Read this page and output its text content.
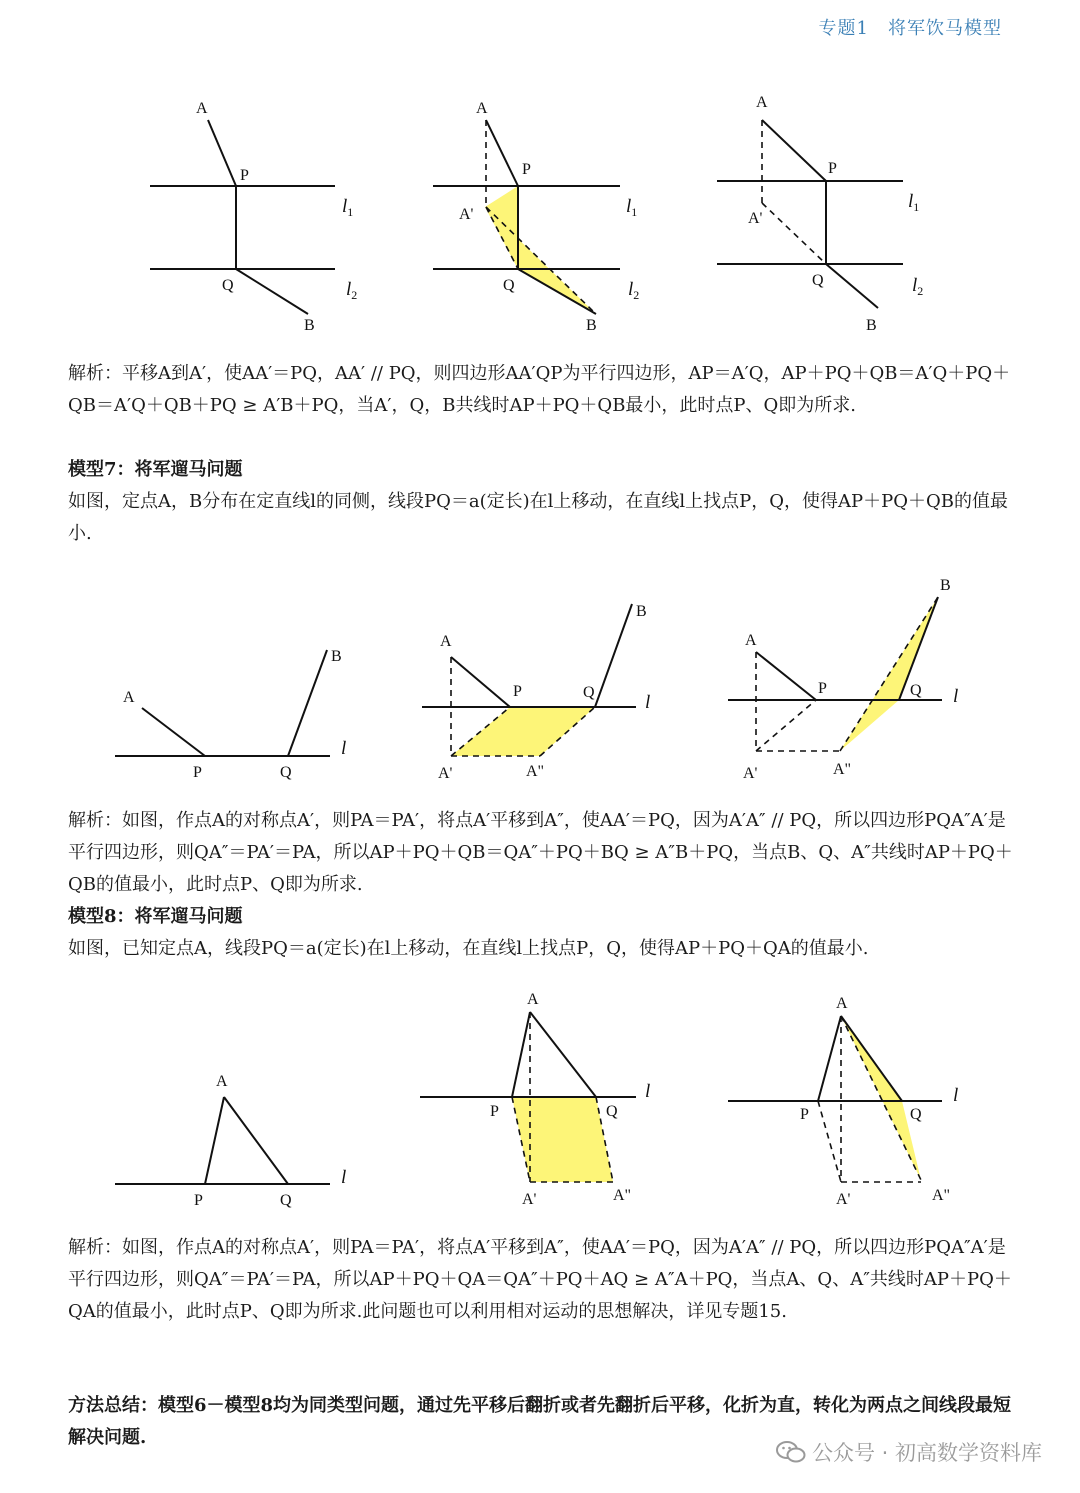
专题1　将军饮马模型
A
P
Q
B
$l_1$
$l_2$
A
P
A'
Q
B
$l_1$
$l_2$
A
P
A'
Q
B
$l_1$
$l_2$

解析：平移A到A′，使AA′＝PQ，AA′ // PQ，则四边形AA′QP为平行四边形，AP＝A′Q，AP＋PQ＋QB＝A′Q＋PQ＋QB＝A′Q＋QB＋PQ ≥ A′B＋PQ，当A′，Q，B共线时AP＋PQ＋QB最小，此时点P、Q即为所求.

模型7：将军遛马问题

如图，定点A，B分布在定直线l的同侧，线段PQ＝a(定长)在l上移动，在直线l上找点P，Q，使得AP＋PQ＋QB的值最小.

A
B
P	Q
l
A
B
P	Q	l
A'	A"
A
B
P	Q l
A'	A"

解析：如图，作点A的对称点A′，则PA＝PA′，将点A′平移到A″，使AA′＝PQ，因为A′A″ // PQ，所以四边形PQA″A′是平行四边形，则QA″＝PA′＝PA，所以AP＋PQ＋QB＝QA″＋PQ＋BQ ≥ A″B＋PQ，当点B、Q、A″共线时AP＋PQ＋QB的值最小，此时点P、Q即为所求.

模型8：将军遛马问题

如图，已知定点A，线段PQ＝a(定长)在l上移动，在直线l上找点P，Q，使得AP＋PQ＋QA的值最小.

A
P	Q
l
A
P	Q
l
A'	A"
A
P	Q
l
A'	A"

解析：如图，作点A的对称点A′，则PA＝PA′，将点A′平移到A″，使AA′＝PQ，因为A′A″ // PQ，所以四边形PQA″A′是平行四边形，则QA″＝PA′＝PA，所以AP＋PQ＋QA＝QA″＋PQ＋AQ ≥ A″A＋PQ，当点A、Q、A″共线时AP＋PQ＋QA的值最小，此时点P、Q即为所求.此问题也可以利用相对运动的思想解决，详见专题15.

方法总结：模型6－模型8均为同类型问题，通过先平移后翻折或者先翻折后平移，化折为直，转化为两点之间线段最短解决问题.

公众号 · 初高数学资料库
